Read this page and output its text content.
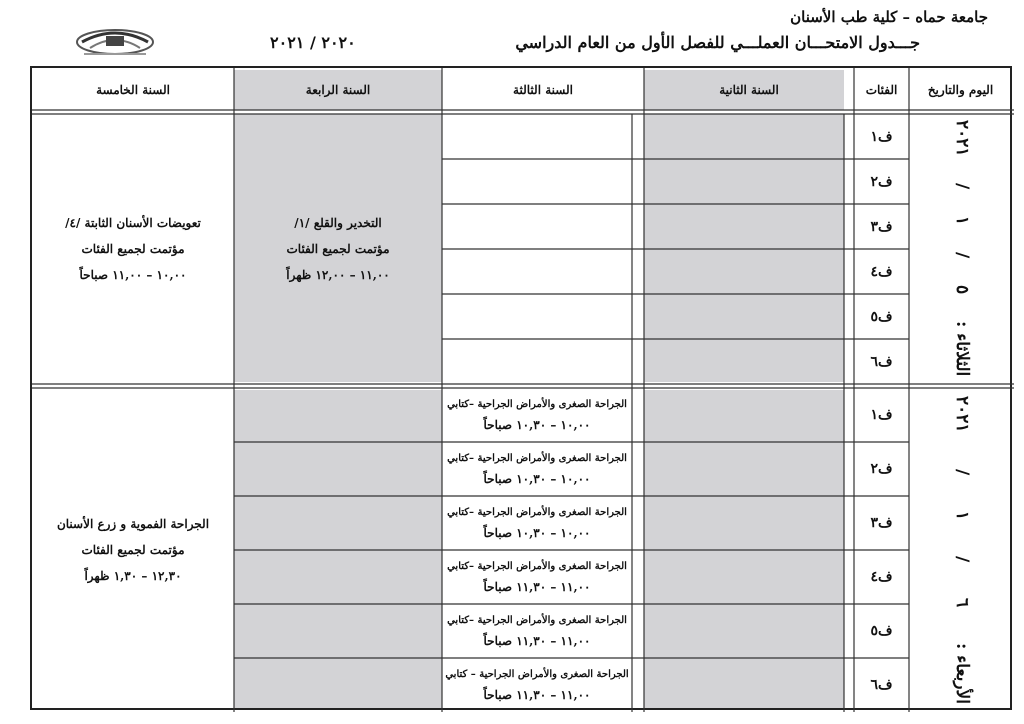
جامعة حماه – كلية طب الأسنان
٢٠٢٠ / ٢٠٢١	جـــدول الامتحـــان العملـــي للفصل الأول من العام الدراسي
اليوم والتاريخ
الفئات
السنة الثانية
السنة الثالثة
السنة الرابعة
السنة الخامسة
الثلاثاء :
٥
/
١
/
٢٠٢١
ف١
ف٢
ف٣
ف٤
ف٥
ف٦
التخدير والقلع /١/
مؤتمت لجميع الفئات
١١,٠٠ – ١٢,٠٠ ظهراً
تعويضات الأسنان الثابتة /٤/
مؤتمت لجميع الفئات
١٠,٠٠ – ١١,٠٠ صباحاً
الأربعاء :
٦
/
١
/
٢٠٢١
ف١
ف٢
ف٣
ف٤
ف٥
ف٦
الجراحة الصغرى والأمراض الجراحية –كتابي
١٠,٠٠ – ١٠,٣٠ صباحاً
الجراحة الصغرى والأمراض الجراحية –كتابي
١٠,٠٠ – ١٠,٣٠ صباحاً
الجراحة الصغرى والأمراض الجراحية –كتابي
١٠,٠٠ – ١٠,٣٠ صباحاً
الجراحة الصغرى والأمراض الجراحية –كتابي
١١,٠٠ – ١١,٣٠ صباحاً
الجراحة الصغرى والأمراض الجراحية –كتابي
١١,٠٠ – ١١,٣٠ صباحاً
الجراحة الصغرى والأمراض الجراحية – كتابي
١١,٠٠ – ١١,٣٠ صباحاً
الجراحة الفموية و زرع الأسنان
مؤتمت لجميع الفئات
١٢,٣٠ – ١,٣٠ ظهراً
